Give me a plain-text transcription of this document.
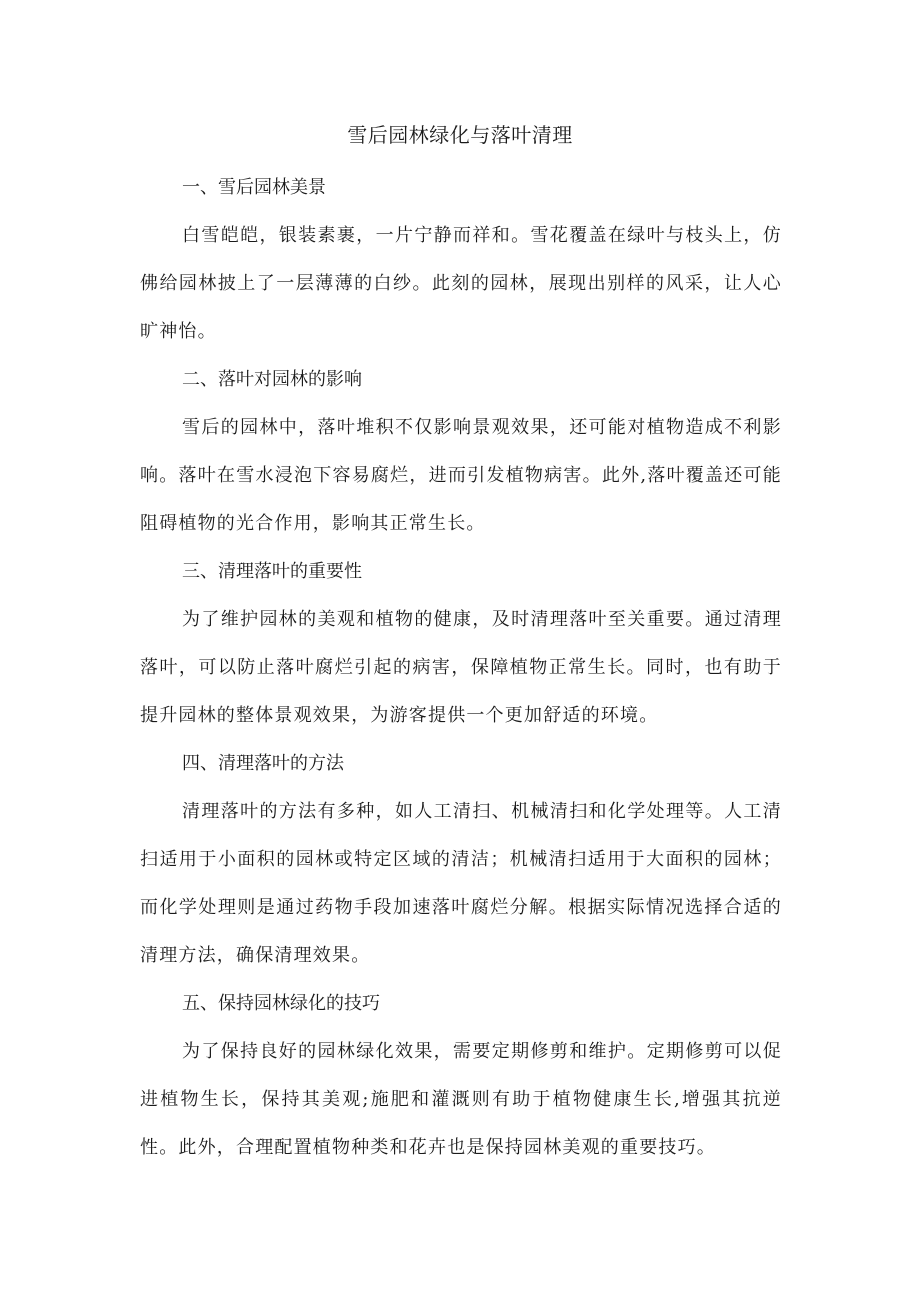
雪后园林绿化与落叶清理
一、雪后园林美景

白雪皑皑，银装素裹，一片宁静而祥和。雪花覆盖在绿叶与枝头上，仿佛给园林披上了一层薄薄的白纱。此刻的园林，展现出别样的风采，让人心旷神怡。

二、落叶对园林的影响

雪后的园林中，落叶堆积不仅影响景观效果，还可能对植物造成不利影响。落叶在雪水浸泡下容易腐烂，进而引发植物病害。此外,落叶覆盖还可能阻碍植物的光合作用，影响其正常生长。

三、清理落叶的重要性

为了维护园林的美观和植物的健康，及时清理落叶至关重要。通过清理落叶，可以防止落叶腐烂引起的病害，保障植物正常生长。同时，也有助于提升园林的整体景观效果，为游客提供一个更加舒适的环境。

四、清理落叶的方法

清理落叶的方法有多种，如人工清扫、机械清扫和化学处理等。人工清扫适用于小面积的园林或特定区域的清洁；机械清扫适用于大面积的园林；而化学处理则是通过药物手段加速落叶腐烂分解。根据实际情况选择合适的清理方法，确保清理效果。

五、保持园林绿化的技巧

为了保持良好的园林绿化效果，需要定期修剪和维护。定期修剪可以促进植物生长，保持其美观;施肥和灌溉则有助于植物健康生长,增强其抗逆性。此外，合理配置植物种类和花卉也是保持园林美观的重要技巧。
